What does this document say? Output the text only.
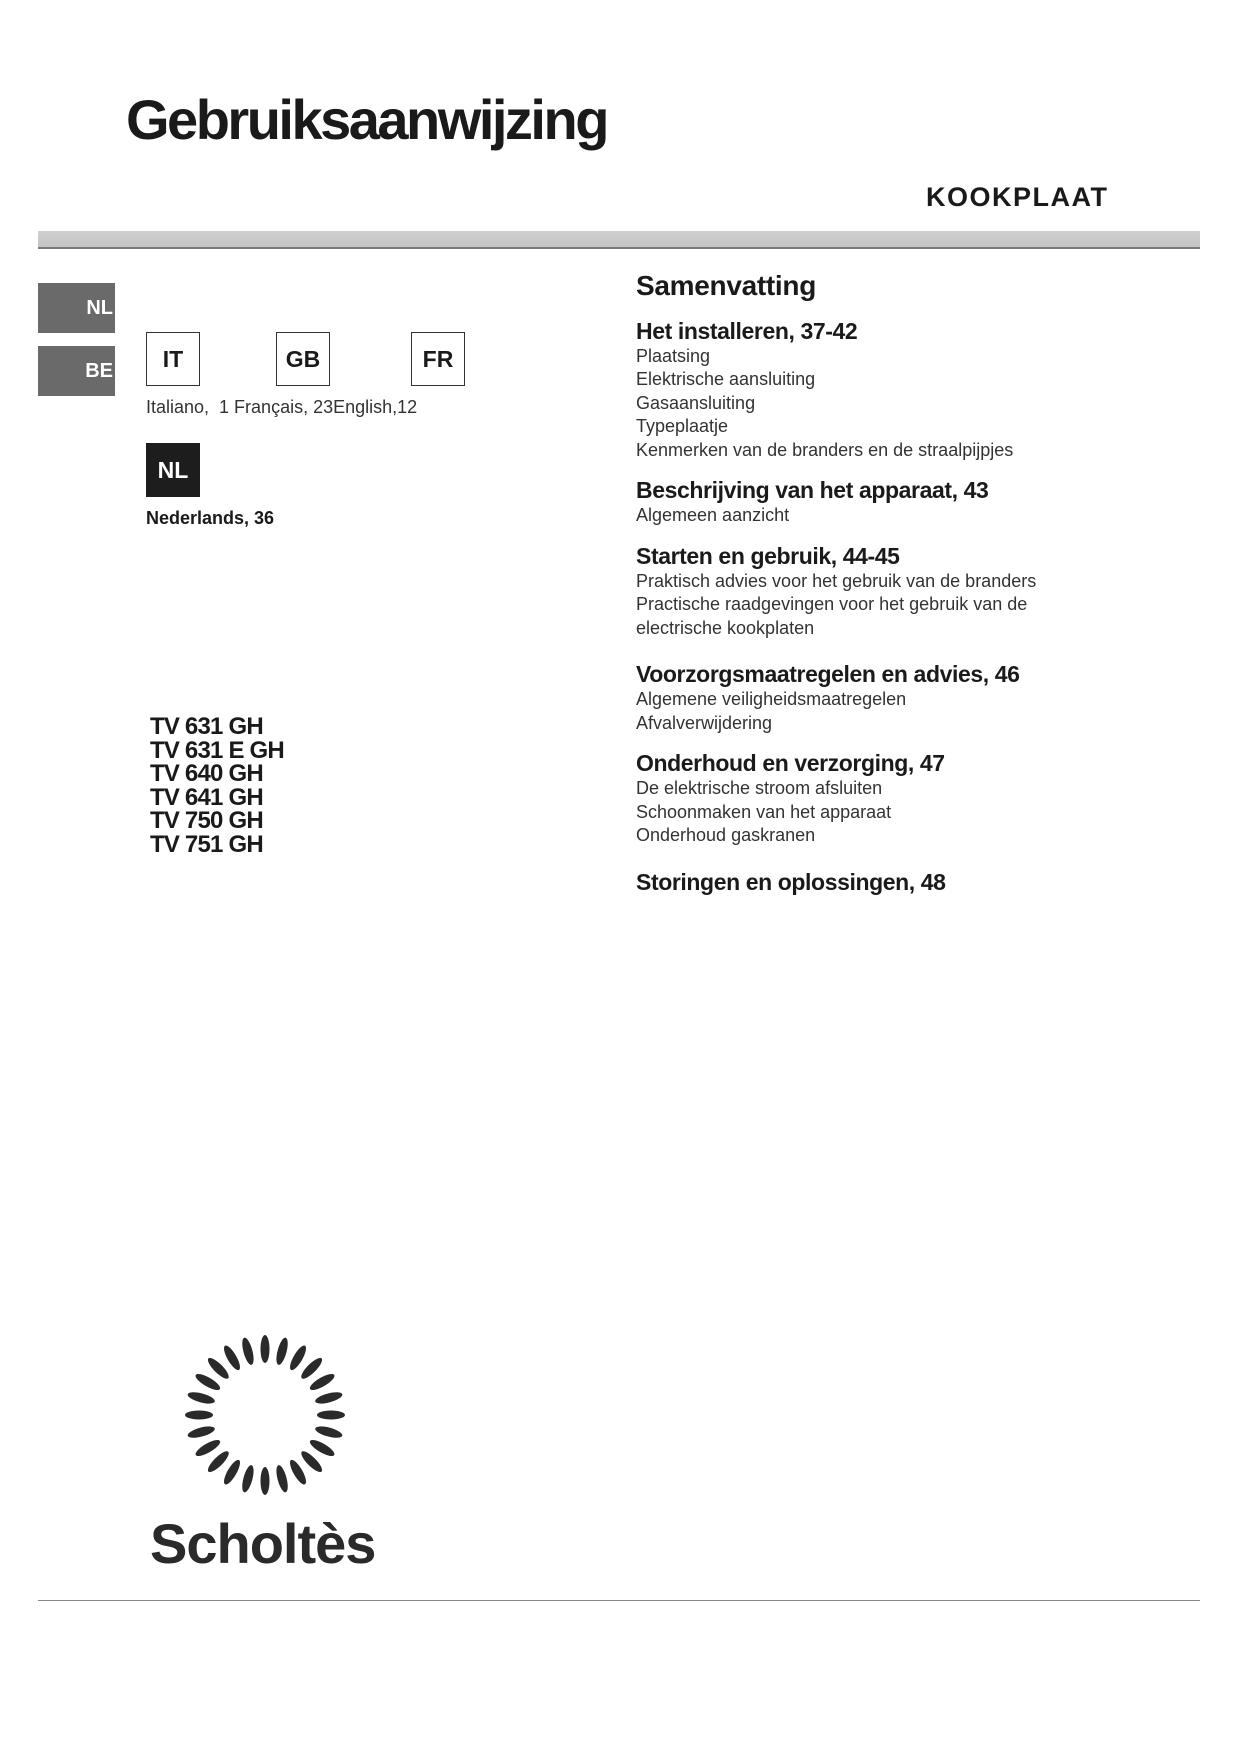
Gebruiksaanwijzing
KOOKPLAAT
NL
BE	IT	GB	FR
Italiano,  1 Français, 23English,12
NL
Nederlands, 36
TV 631 GH
TV 631 E GH
TV 640 GH
TV 641 GH
TV 750 GH
TV 751 GH
Samenvatting
Het installeren, 37-42
Plaatsing
Elektrische aansluiting
Gasaansluiting
Typeplaatje
Kenmerken van de branders en de straalpijpjes
Beschrijving van het apparaat, 43
Algemeen aanzicht
Starten en gebruik, 44-45
Praktisch advies voor het gebruik van de branders
Practische raadgevingen voor het gebruik van de
electrische kookplaten
Voorzorgsmaatregelen en advies, 46
Algemene veiligheidsmaatregelen
Afvalverwijdering
Onderhoud en verzorging, 47
De elektrische stroom afsluiten
Schoonmaken van het apparaat
Onderhoud gaskranen
Storingen en oplossingen, 48
Scholtès
